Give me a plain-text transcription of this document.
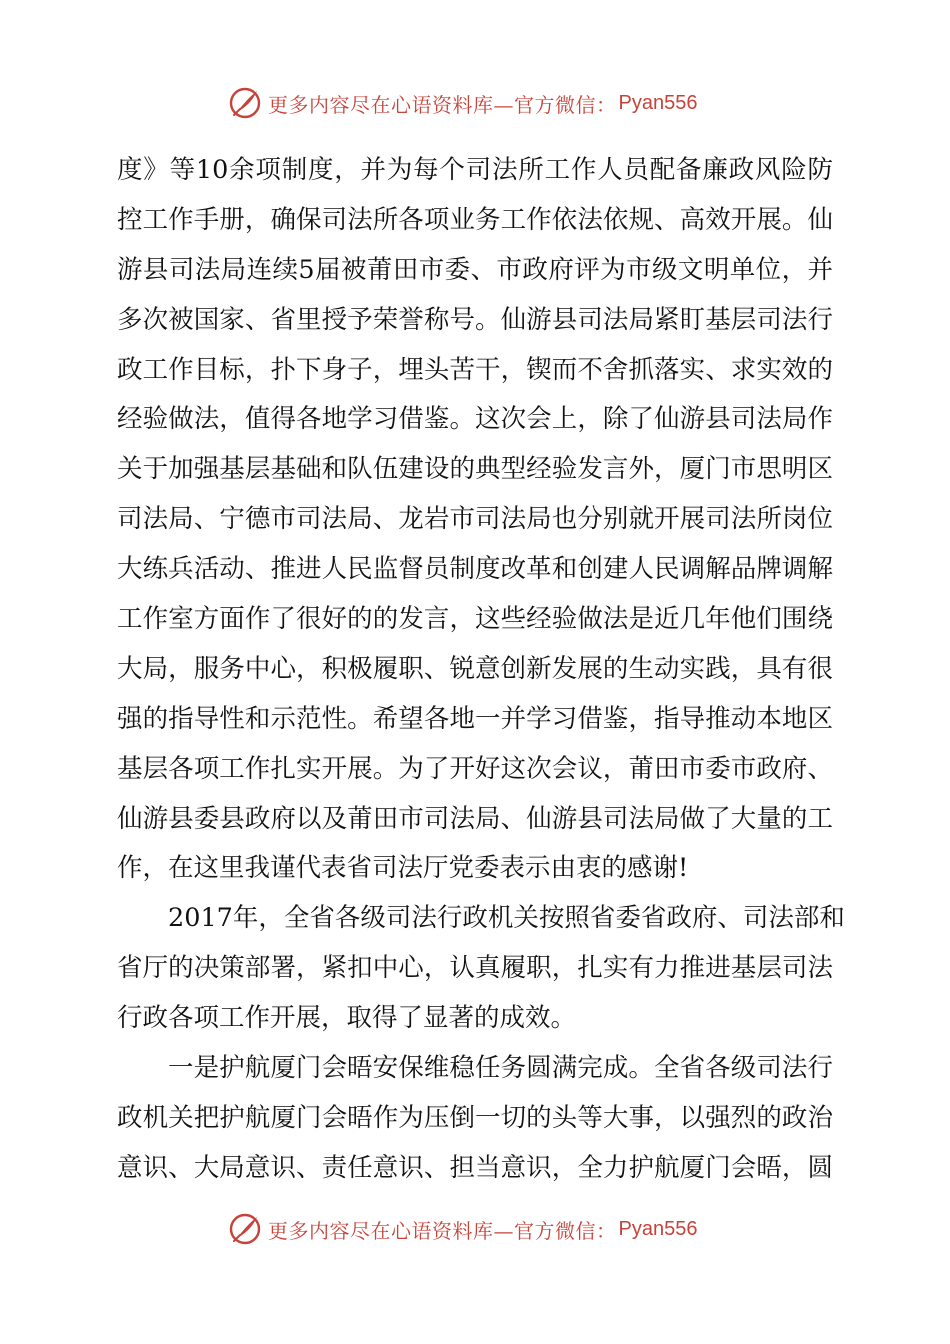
更多内容尽在心语资料库—官方微信： Pyan556
度》等10余项制度，并为每个司法所工作人员配备廉政风险防
控工作手册，确保司法所各项业务工作依法依规、高效开展。仙
游县司法局连续5届被莆田市委、市政府评为市级文明单位，并
多次被国家、省里授予荣誉称号。仙游县司法局紧盯基层司法行
政工作目标，扑下身子，埋头苦干，锲而不舍抓落实、求实效的
经验做法，值得各地学习借鉴。这次会上，除了仙游县司法局作
关于加强基层基础和队伍建设的典型经验发言外，厦门市思明区
司法局、宁德市司法局、龙岩市司法局也分别就开展司法所岗位
大练兵活动、推进人民监督员制度改革和创建人民调解品牌调解
工作室方面作了很好的的发言，这些经验做法是近几年他们围绕
大局，服务中心，积极履职、锐意创新发展的生动实践，具有很
强的指导性和示范性。希望各地一并学习借鉴，指导推动本地区
基层各项工作扎实开展。为了开好这次会议，莆田市委市政府、
仙游县委县政府以及莆田市司法局、仙游县司法局做了大量的工
作，在这里我谨代表省司法厅党委表示由衷的感谢!
2017年，全省各级司法行政机关按照省委省政府、司法部和
省厅的决策部署，紧扣中心，认真履职，扎实有力推进基层司法
行政各项工作开展，取得了显著的成效。
一是护航厦门会晤安保维稳任务圆满完成。全省各级司法行
政机关把护航厦门会晤作为压倒一切的头等大事，以强烈的政治
意识、大局意识、责任意识、担当意识，全力护航厦门会晤，圆
更多内容尽在心语资料库—官方微信： Pyan556
